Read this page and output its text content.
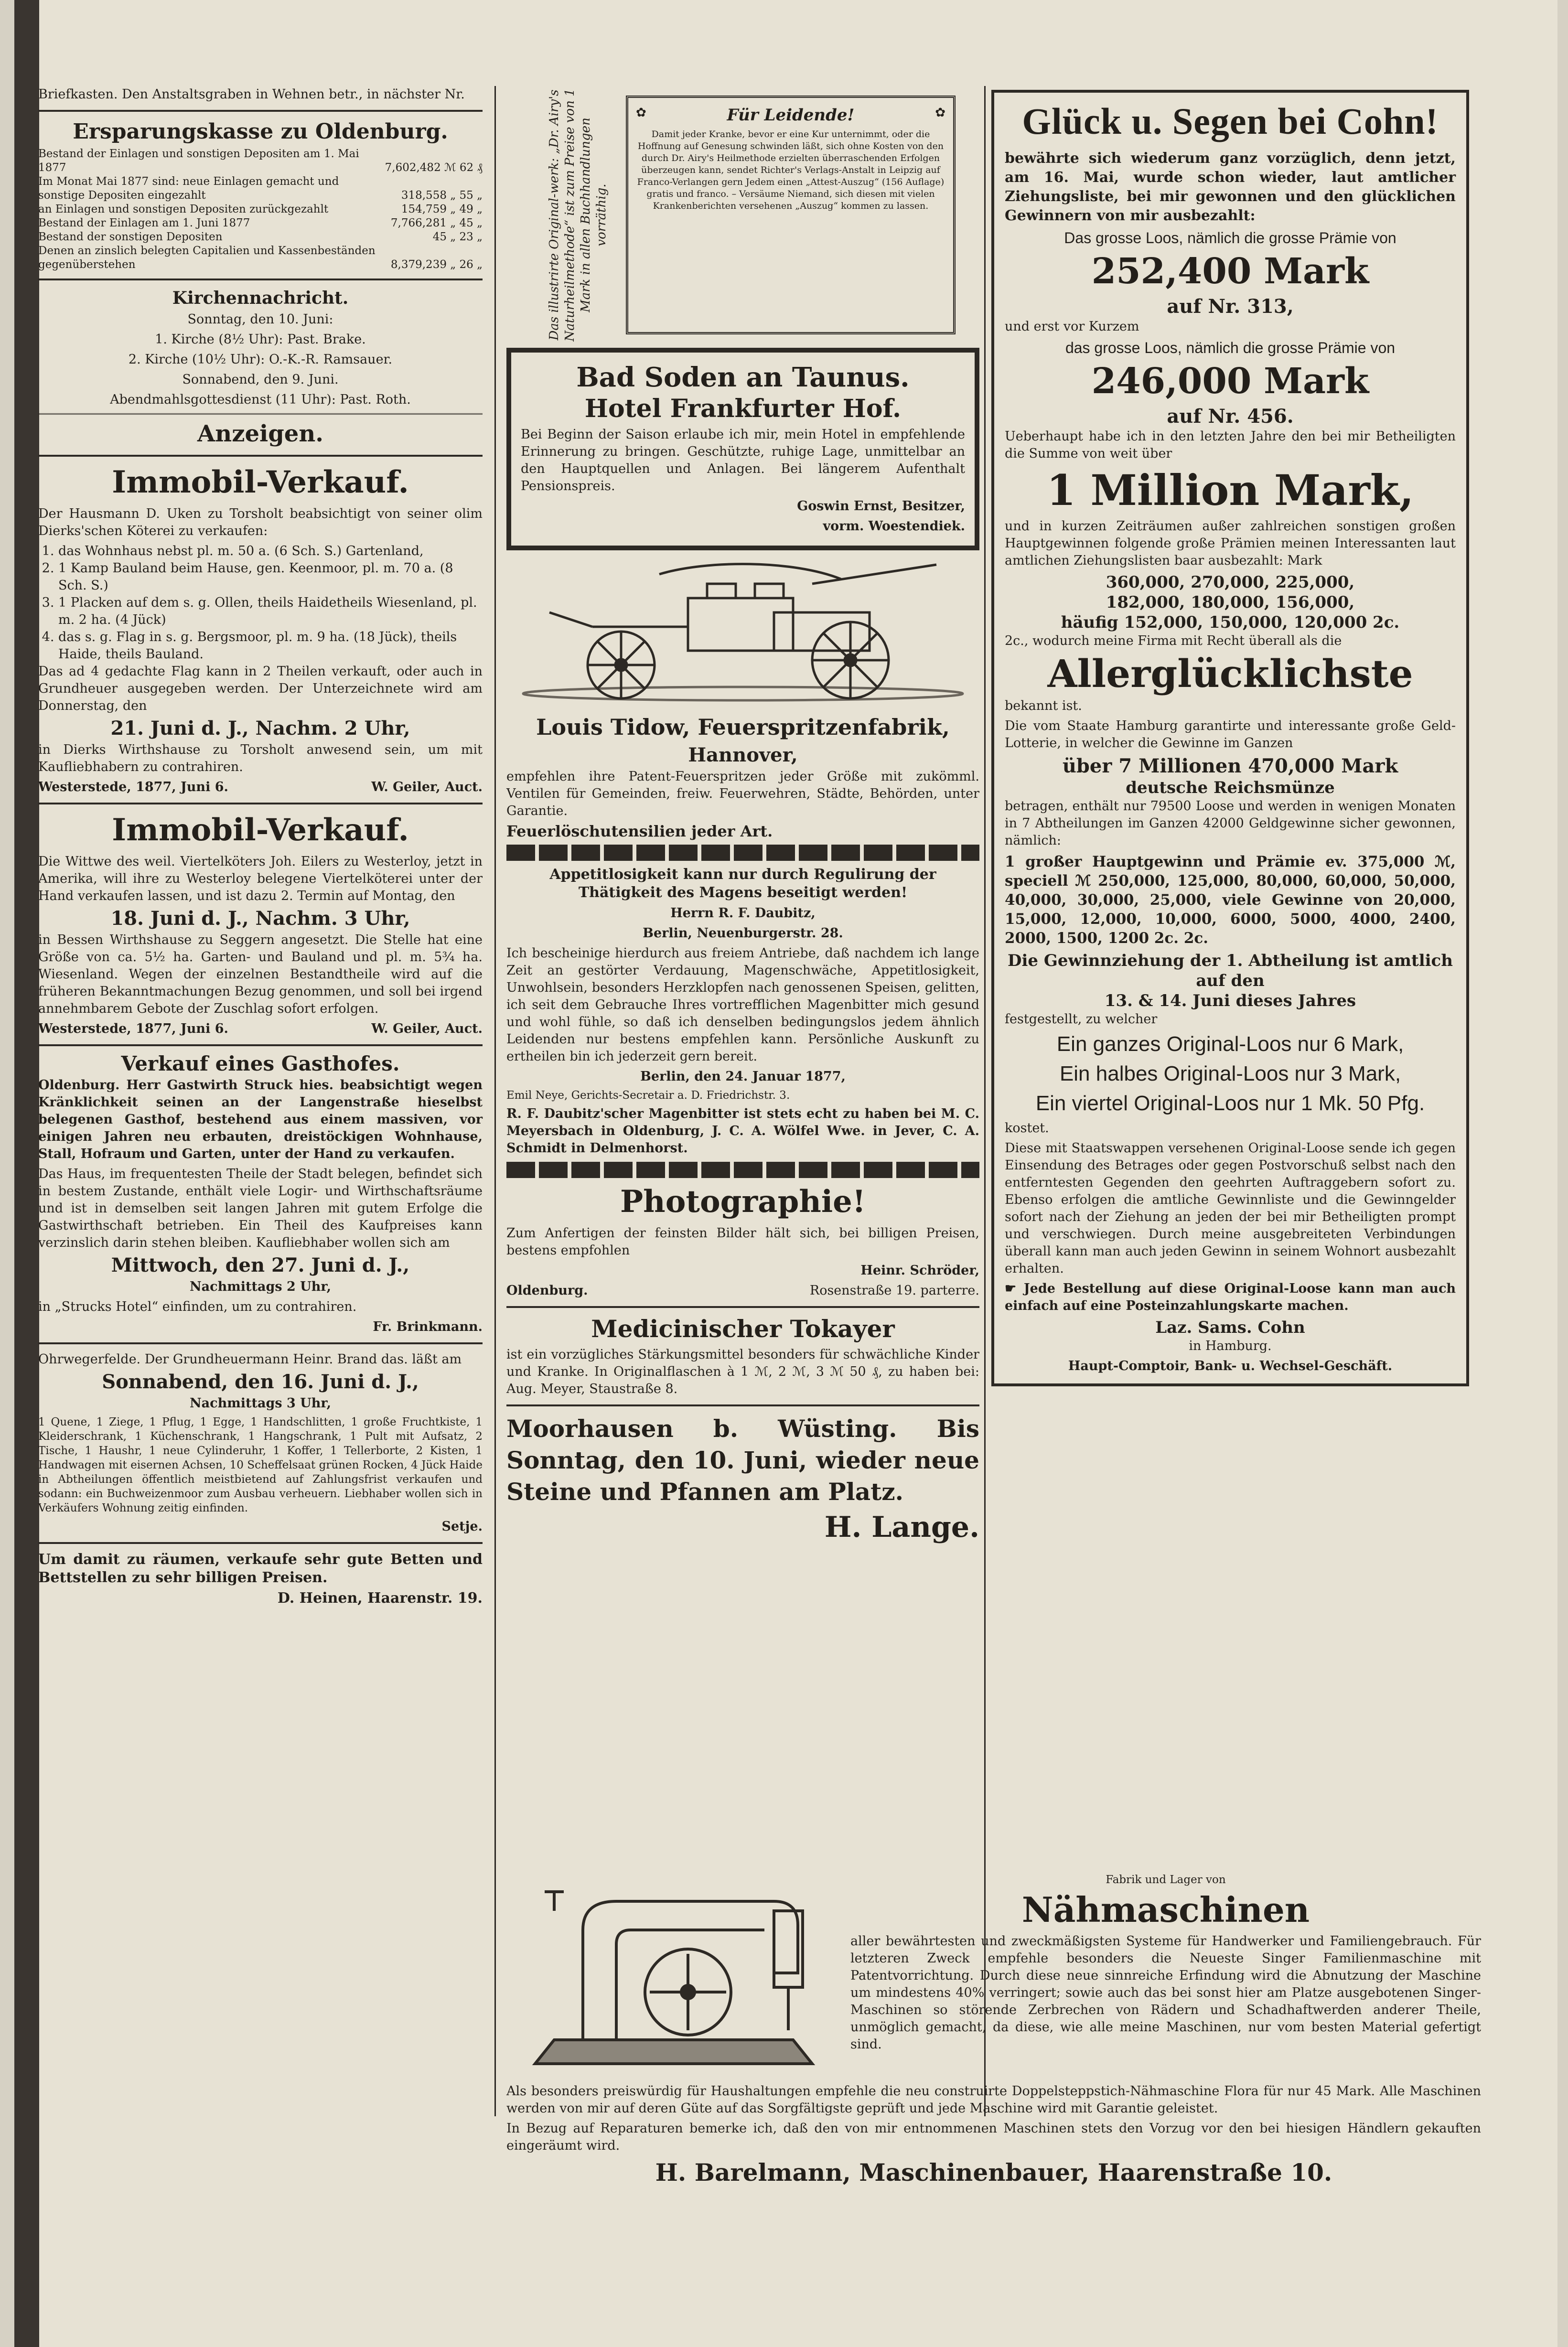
Briefkasten. Den Anstaltsgraben in Wehnen betr., in nächster Nr.

Ersparungskasse zu Oldenburg.
Bestand der Einlagen und sonstigen Depositen am 1. Mai 1877	7,602,482 ℳ 62 ₰
Im Monat Mai 1877 sind: neue Einlagen gemacht und sonstige Depositen eingezahlt	318,558 „ 55 „
an Einlagen und sonstigen Depositen zurückgezahlt	154,759 „ 49 „
Bestand der Einlagen am 1. Juni 1877	7,766,281 „ 45 „
Bestand der sonstigen Depositen	45 „ 23 „
Denen an zinslich belegten Capitalien und Kassenbeständen gegenüberstehen	8,379,239 „ 26 „
Kirchennachricht.

Sonntag, den 10. Juni:

1. Kirche (8½ Uhr): Past. Brake.

2. Kirche (10½ Uhr): O.-K.-R. Ramsauer.

Sonnabend, den 9. Juni.

Abendmahlsgottesdienst (11 Uhr): Past. Roth.

Anzeigen.
Immobil-Verkauf.

Der Hausmann D. Uken zu Torsholt beabsichtigt von seiner olim Dierks'schen Köterei zu verkaufen:

1. das Wohnhaus nebst pl. m. 50 a. (6 Sch. S.) Gartenland,
2. 1 Kamp Bauland beim Hause, gen. Keenmoor, pl. m. 70 a. (8 Sch. S.)
3. 1 Placken auf dem s. g. Ollen, theils Haidetheils Wiesenland, pl. m. 2 ha. (4 Jück)
4. das s. g. Flag in s. g. Bergsmoor, pl. m. 9 ha. (18 Jück), theils Haide, theils Bauland.

Das ad 4 gedachte Flag kann in 2 Theilen verkauft, oder auch in Grundheuer ausgegeben werden. Der Unterzeichnete wird am Donnerstag, den

21. Juni d. J., Nachm. 2 Uhr,

in Dierks Wirthshause zu Torsholt anwesend sein, um mit Kaufliebhabern zu contrahiren.

Westerstede, 1877, Juni 6.	W. Geiler, Auct.

Immobil-Verkauf.

Die Wittwe des weil. Viertelköters Joh. Eilers zu Westerloy, jetzt in Amerika, will ihre zu Westerloy belegene Viertelköterei unter der Hand verkaufen lassen, und ist dazu 2. Termin auf Montag, den

18. Juni d. J., Nachm. 3 Uhr,

in Bessen Wirthshause zu Seggern angesetzt. Die Stelle hat eine Größe von ca. 5½ ha. Garten- und Bauland und pl. m. 5¾ ha. Wiesenland. Wegen der einzelnen Bestandtheile wird auf die früheren Bekanntmachungen Bezug genommen, und soll bei irgend annehmbarem Gebote der Zuschlag sofort erfolgen.

Westerstede, 1877, Juni 6.	W. Geiler, Auct.

Verkauf eines Gasthofes.

Oldenburg. Herr Gastwirth Struck hies. beabsichtigt wegen Kränklichkeit seinen an der Langenstraße hieselbst belegenen Gasthof, bestehend aus einem massiven, vor einigen Jahren neu erbauten, dreistöckigen Wohnhause, Stall, Hofraum und Garten, unter der Hand zu verkaufen.

Das Haus, im frequentesten Theile der Stadt belegen, befindet sich in bestem Zustande, enthält viele Logir- und Wirthschaftsräume und ist in demselben seit langen Jahren mit gutem Erfolge die Gastwirthschaft betrieben. Ein Theil des Kaufpreises kann verzinslich darin stehen bleiben. Kaufliebhaber wollen sich am

Mittwoch, den 27. Juni d. J.,

Nachmittags 2 Uhr,

in „Strucks Hotel“ einfinden, um zu contrahiren.

Fr. Brinkmann.

Ohrwegerfelde. Der Grundheuermann Heinr. Brand das. läßt am

Sonnabend, den 16. Juni d. J.,

Nachmittags 3 Uhr,

1 Quene, 1 Ziege, 1 Pflug, 1 Egge, 1 Handschlitten, 1 große Fruchtkiste, 1 Kleiderschrank, 1 Küchenschrank, 1 Hangschrank, 1 Pult mit Aufsatz, 2 Tische, 1 Haushr, 1 neue Cylinderuhr, 1 Koffer, 1 Tellerborte, 2 Kisten, 1 Handwagen mit eisernen Achsen, 10 Scheffelsaat grünen Rocken, 4 Jück Haide in Abtheilungen öffentlich meistbietend auf Zahlungsfrist verkaufen und sodann: ein Buchweizenmoor zum Ausbau verheuern. Liebhaber wollen sich in Verkäufers Wohnung zeitig einfinden.

Setje.

Um damit zu räumen, verkaufe sehr gute Betten und Bettstellen zu sehr billigen Preisen.

D. Heinen, Haarenstr. 19.

Das illustrirte Original-werk: „Dr. Airy's Naturheilmethode“ ist zum Preise von 1 Mark in allen Buchhandlungen vorräthig.
✿	Für Leidende!	✿

Damit jeder Kranke, bevor er eine Kur unternimmt, oder die Hoffnung auf Genesung schwinden läßt, sich ohne Kosten von den durch Dr. Airy's Heilmethode erzielten überraschenden Erfolgen überzeugen kann, sendet Richter's Verlags-Anstalt in Leipzig auf Franco-Verlangen gern Jedem einen „Attest-Auszug“ (156 Auflage) gratis und franco. – Versäume Niemand, sich diesen mit vielen Krankenberichten versehenen „Auszug“ kommen zu lassen.

Bad Soden an Taunus.
Hotel Frankfurter Hof.

Bei Beginn der Saison erlaube ich mir, mein Hotel in empfehlende Erinnerung zu bringen. Geschützte, ruhige Lage, unmittelbar an den Hauptquellen und Anlagen. Bei längerem Aufenthalt Pensionspreis.

Goswin Ernst, Besitzer,

vorm. Woestendiek.

Louis Tidow, Feuerspritzenfabrik,
Hannover,

empfehlen ihre Patent-Feuerspritzen jeder Größe mit zukömml. Ventilen für Gemeinden, freiw. Feuerwehren, Städte, Behörden, unter Garantie.

Feuerlöschutensilien jeder Art.

Appetitlosigkeit kann nur durch Regulirung der Thätigkeit des Magens beseitigt werden!

Herrn R. F. Daubitz,

Berlin, Neuenburgerstr. 28.

Ich bescheinige hierdurch aus freiem Antriebe, daß nachdem ich lange Zeit an gestörter Verdauung, Magenschwäche, Appetitlosigkeit, Unwohlsein, besonders Herzklopfen nach genossenen Speisen, gelitten, ich seit dem Gebrauche Ihres vortrefflichen Magenbitter mich gesund und wohl fühle, so daß ich denselben bedingungslos jedem ähnlich Leidenden nur bestens empfehlen kann. Persönliche Auskunft zu ertheilen bin ich jederzeit gern bereit.

Berlin, den 24. Januar 1877,

Emil Neye, Gerichts-Secretair a. D. Friedrichstr. 3.

R. F. Daubitz'scher Magenbitter ist stets echt zu haben bei M. C. Meyersbach in Oldenburg, J. C. A. Wölfel Wwe. in Jever, C. A. Schmidt in Delmenhorst.

Photographie!

Zum Anfertigen der feinsten Bilder hält sich, bei billigen Preisen, bestens empfohlen

Heinr. Schröder,

Oldenburg.	Rosenstraße 19. parterre.

Medicinischer Tokayer

ist ein vorzügliches Stärkungsmittel besonders für schwächliche Kinder und Kranke. In Originalflaschen à 1 ℳ, 2 ℳ, 3 ℳ 50 ₰, zu haben bei: Aug. Meyer, Staustraße 8.

Moorhausen b. Wüsting. Bis Sonntag, den 10. Juni, wieder neue Steine und Pfannen am Platz.

H. Lange.

Glück u. Segen bei Cohn!

bewährte sich wiederum ganz vorzüglich, denn jetzt, am 16. Mai, wurde schon wieder, laut amtlicher Ziehungsliste, bei mir gewonnen und den glücklichen Gewinnern von mir ausbezahlt:

Das grosse Loos, nämlich die grosse Prämie von

252,400 Mark
auf Nr. 313,

und erst vor Kurzem

das grosse Loos, nämlich die grosse Prämie von

246,000 Mark
auf Nr. 456.

Ueberhaupt habe ich in den letzten Jahre den bei mir Betheiligten die Summe von weit über

1 Million Mark,

und in kurzen Zeiträumen außer zahlreichen sonstigen großen Hauptgewinnen folgende große Prämien meinen Interessanten laut amtlichen Ziehungslisten baar ausbezahlt: Mark

360,000, 270,000, 225,000,
182,000, 180,000, 156,000,
häufig 152,000, 150,000, 120,000 2c.

2c., wodurch meine Firma mit Recht überall als die

Allerglücklichste

bekannt ist.

Die vom Staate Hamburg garantirte und interessante große Geld-Lotterie, in welcher die Gewinne im Ganzen

über 7 Millionen 470,000 Mark
deutsche Reichsmünze

betragen, enthält nur 79500 Loose und werden in wenigen Monaten in 7 Abtheilungen im Ganzen 42000 Geldgewinne sicher gewonnen, nämlich:

1 großer Hauptgewinn und Prämie ev. 375,000 ℳ, speciell ℳ 250,000, 125,000, 80,000, 60,000, 50,000, 40,000, 30,000, 25,000, viele Gewinne von 20,000, 15,000, 12,000, 10,000, 6000, 5000, 4000, 2400, 2000, 1500, 1200 2c. 2c.

Die Gewinnziehung der 1. Abtheilung ist amtlich auf den
13. & 14. Juni dieses Jahres

festgestellt, zu welcher

Ein ganzes Original-Loos nur 6 Mark,

Ein halbes Original-Loos nur 3 Mark,

Ein viertel Original-Loos nur 1 Mk. 50 Pfg.

kostet.

Diese mit Staatswappen versehenen Original-Loose sende ich gegen Einsendung des Betrages oder gegen Postvorschuß selbst nach den entferntesten Gegenden den geehrten Auftraggebern sofort zu. Ebenso erfolgen die amtliche Gewinnliste und die Gewinngelder sofort nach der Ziehung an jeden der bei mir Betheiligten prompt und verschwiegen. Durch meine ausgebreiteten Verbindungen überall kann man auch jeden Gewinn in seinem Wohnort ausbezahlt erhalten.

☛ Jede Bestellung auf diese Original-Loose kann man auch einfach auf eine Posteinzahlungskarte machen.

Laz. Sams. Cohn

in Hamburg.

Haupt-Comptoir, Bank- u. Wechsel-Geschäft.

Fabrik und Lager von

Nähmaschinen

aller bewährtesten und zweckmäßigsten Systeme für Handwerker und Familiengebrauch. Für letzteren Zweck empfehle besonders die Neueste Singer Familienmaschine mit Patentvorrichtung. Durch diese neue sinnreiche Erfindung wird die Abnutzung der Maschine um mindestens 40% verringert; sowie auch das bei sonst hier am Platze ausgebotenen Singer-Maschinen so störende Zerbrechen von Rädern und Schadhaftwerden anderer Theile, unmöglich gemacht, da diese, wie alle meine Maschinen, nur vom besten Material gefertigt sind.

Als besonders preiswürdig für Haushaltungen empfehle die neu construirte Doppelsteppstich-Nähmaschine Flora für nur 45 Mark. Alle Maschinen werden von mir auf deren Güte auf das Sorgfältigste geprüft und jede Maschine wird mit Garantie geleistet.

In Bezug auf Reparaturen bemerke ich, daß den von mir entnommenen Maschinen stets den Vorzug vor den bei hiesigen Händlern gekauften eingeräumt wird.

H. Barelmann, Maschinenbauer, Haarenstraße 10.
